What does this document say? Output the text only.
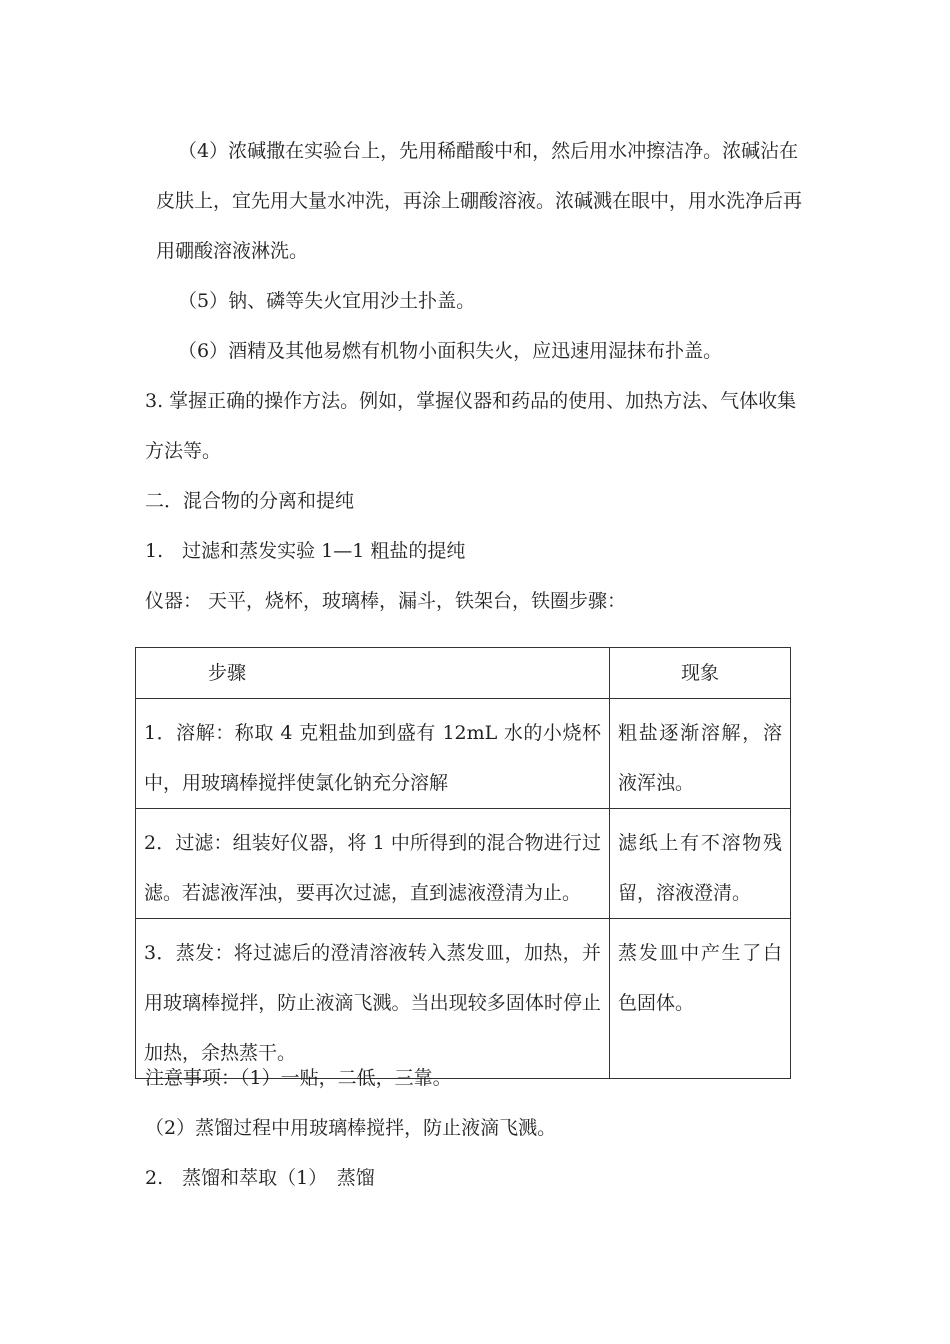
（4）浓碱撒在实验台上，先用稀醋酸中和，然后用水冲擦洁净。浓碱沾在
皮肤上，宜先用大量水冲洗，再涂上硼酸溶液。浓碱溅在眼中，用水洗净后再
用硼酸溶液淋洗。
（5）钠、磷等失火宜用沙土扑盖。
（6）酒精及其他易燃有机物小面积失火，应迅速用湿抹布扑盖。
3. 掌握正确的操作方法。例如，掌握仪器和药品的使用、加热方法、气体收集
方法等。
二．混合物的分离和提纯
1.　过滤和蒸发实验 1—1 粗盐的提纯
仪器： 天平，烧杯，玻璃棒，漏斗，铁架台，铁圈步骤：
步骤	现象

1．溶解：称取 4 克粗盐加到盛有 12mL 水的小烧杯中，用玻璃棒搅拌使氯化钠充分溶解	粗盐逐渐溶解，溶液浑浊。

2．过滤：组装好仪器，将 1 中所得到的混合物进行过滤。若滤液浑浊，要再次过滤，直到滤液澄清为止。	滤纸上有不溶物残留，溶液澄清。

3．蒸发：将过滤后的澄清溶液转入蒸发皿，加热，并用玻璃棒搅拌，防止液滴飞溅。当出现较多固体时停止加热，余热蒸干。	蒸发皿中产生了白色固体。
注意事项：（1）一贴，二低，三靠。
（2）蒸馏过程中用玻璃棒搅拌，防止液滴飞溅。
2.　蒸馏和萃取（1）　蒸馏
